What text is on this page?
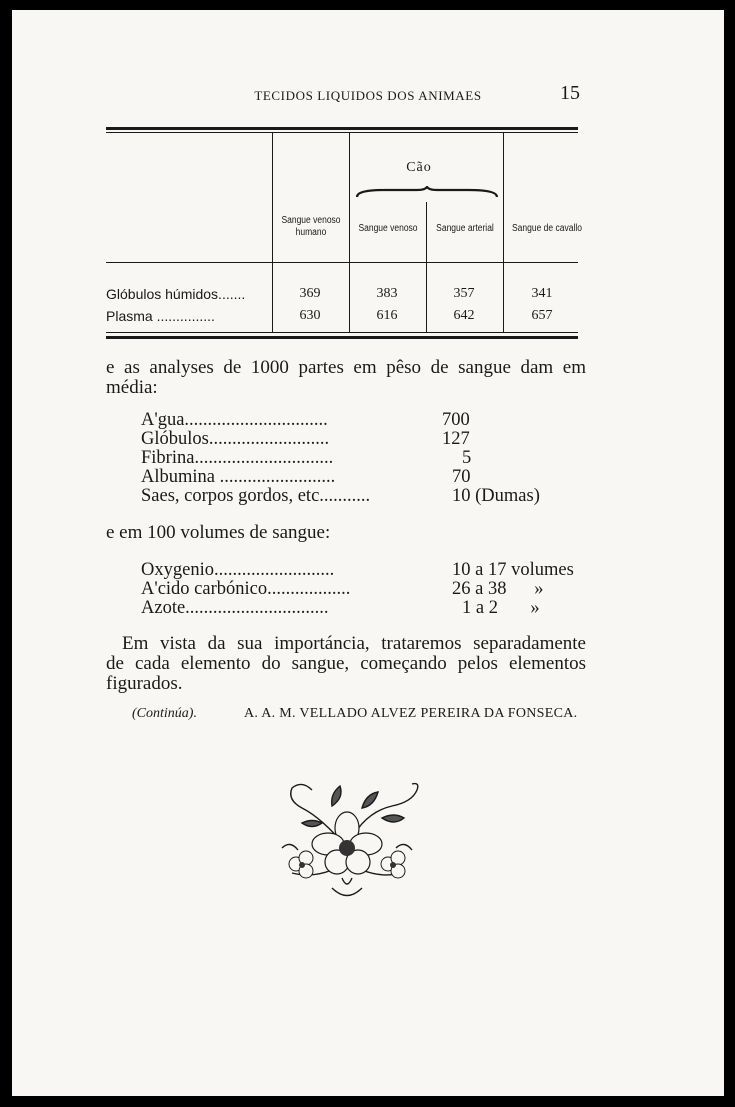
TECIDOS LIQUIDOS DOS ANIMAES	15
Cão
Sangue venoso humano	Sangue venoso	Sangue arterial	Sangue de cavallo
Glóbulos húmidos.......	369	383	357	341
Plasma ...............	630	616	642	657
e as analyses de 1000 partes em pêso de sangue dam em
média:
A'gua...............................	700
Glóbulos..........................	127
Fibrina..............................	5
Albumina .........................	70
Saes, corpos gordos, etc...........	10 (Dumas)
e em 100 volumes de sangue:
Oxygenio..........................	10 a 17 volumes
A'cido carbónico..................	26 a 38      »
Azote...............................	1 a 2       »
Em vista da sua importáncia, trataremos separadamente
de cada elemento do sangue, começando pelos elementos
figurados.
(Continúa).	A. A. M. VELLADO ALVEZ PEREIRA DA FONSECA.
